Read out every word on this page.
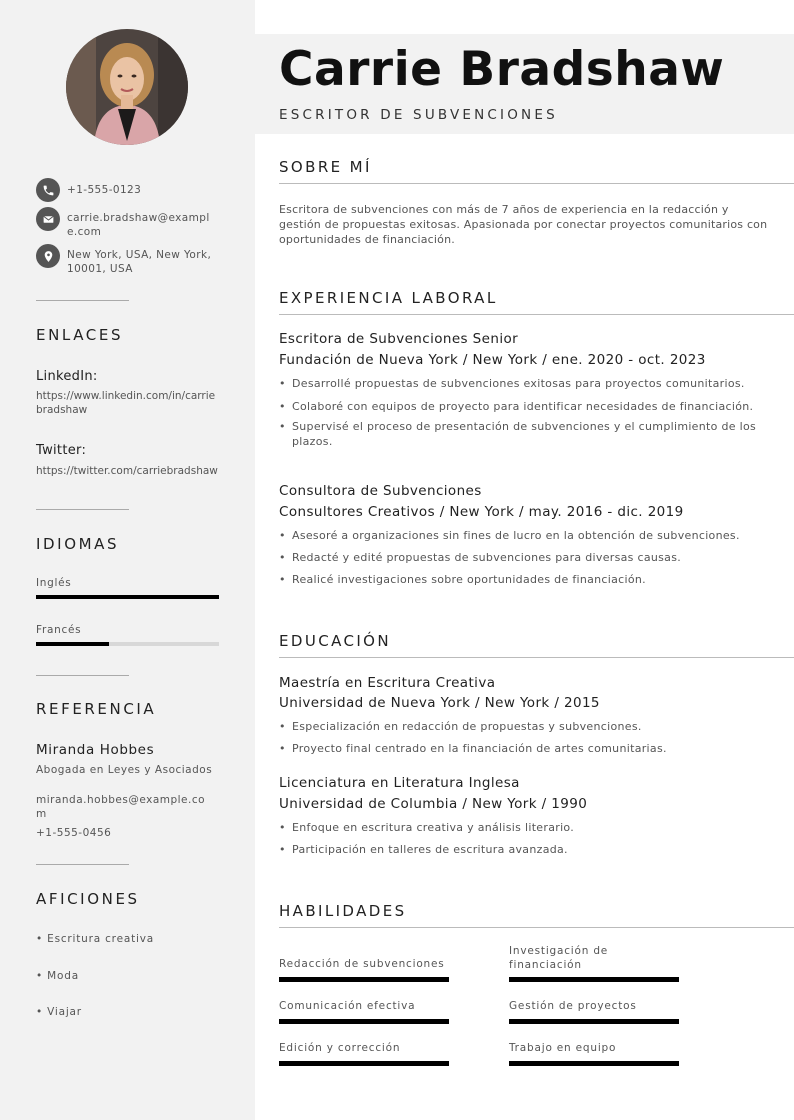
+1-555-0123
carrie.bradshaw@example.com
New York, USA, New York, 10001, USA
ENLACES
LinkedIn:
https://www.linkedin.com/in/carriebradshaw
Twitter:
https://twitter.com/carriebradshaw
IDIOMAS
Inglés
Francés
REFERENCIA
Miranda Hobbes
Abogada en Leyes y Asociados
miranda.hobbes@example.com
+1-555-0456
AFICIONES
• Escritura creativa
• Moda
• Viajar
Carrie Bradshaw
ESCRITOR DE SUBVENCIONES
SOBRE MÍ
Escritora de subvenciones con más de 7 años de experiencia en la redacción y gestión de propuestas exitosas. Apasionada por conectar proyectos comunitarios con oportunidades de financiación.
EXPERIENCIA LABORAL
Escritora de Subvenciones Senior
Fundación de Nueva York / New York / ene. 2020 - oct. 2023
• Desarrollé propuestas de subvenciones exitosas para proyectos comunitarios.
• Colaboré con equipos de proyecto para identificar necesidades de financiación.
• Supervisé el proceso de presentación de subvenciones y el cumplimiento de los plazos.
Consultora de Subvenciones
Consultores Creativos / New York / may. 2016 - dic. 2019
• Asesoré a organizaciones sin fines de lucro en la obtención de subvenciones.
• Redacté y edité propuestas de subvenciones para diversas causas.
• Realicé investigaciones sobre oportunidades de financiación.
EDUCACIÓN
Maestría en Escritura Creativa
Universidad de Nueva York / New York / 2015
• Especialización en redacción de propuestas y subvenciones.
• Proyecto final centrado en la financiación de artes comunitarias.
Licenciatura en Literatura Inglesa
Universidad de Columbia / New York / 1990
• Enfoque en escritura creativa y análisis literario.
• Participación en talleres de escritura avanzada.
HABILIDADES
Redacción de subvenciones
Investigación de financiación
Comunicación efectiva	Gestión de proyectos
Edición y corrección	Trabajo en equipo
